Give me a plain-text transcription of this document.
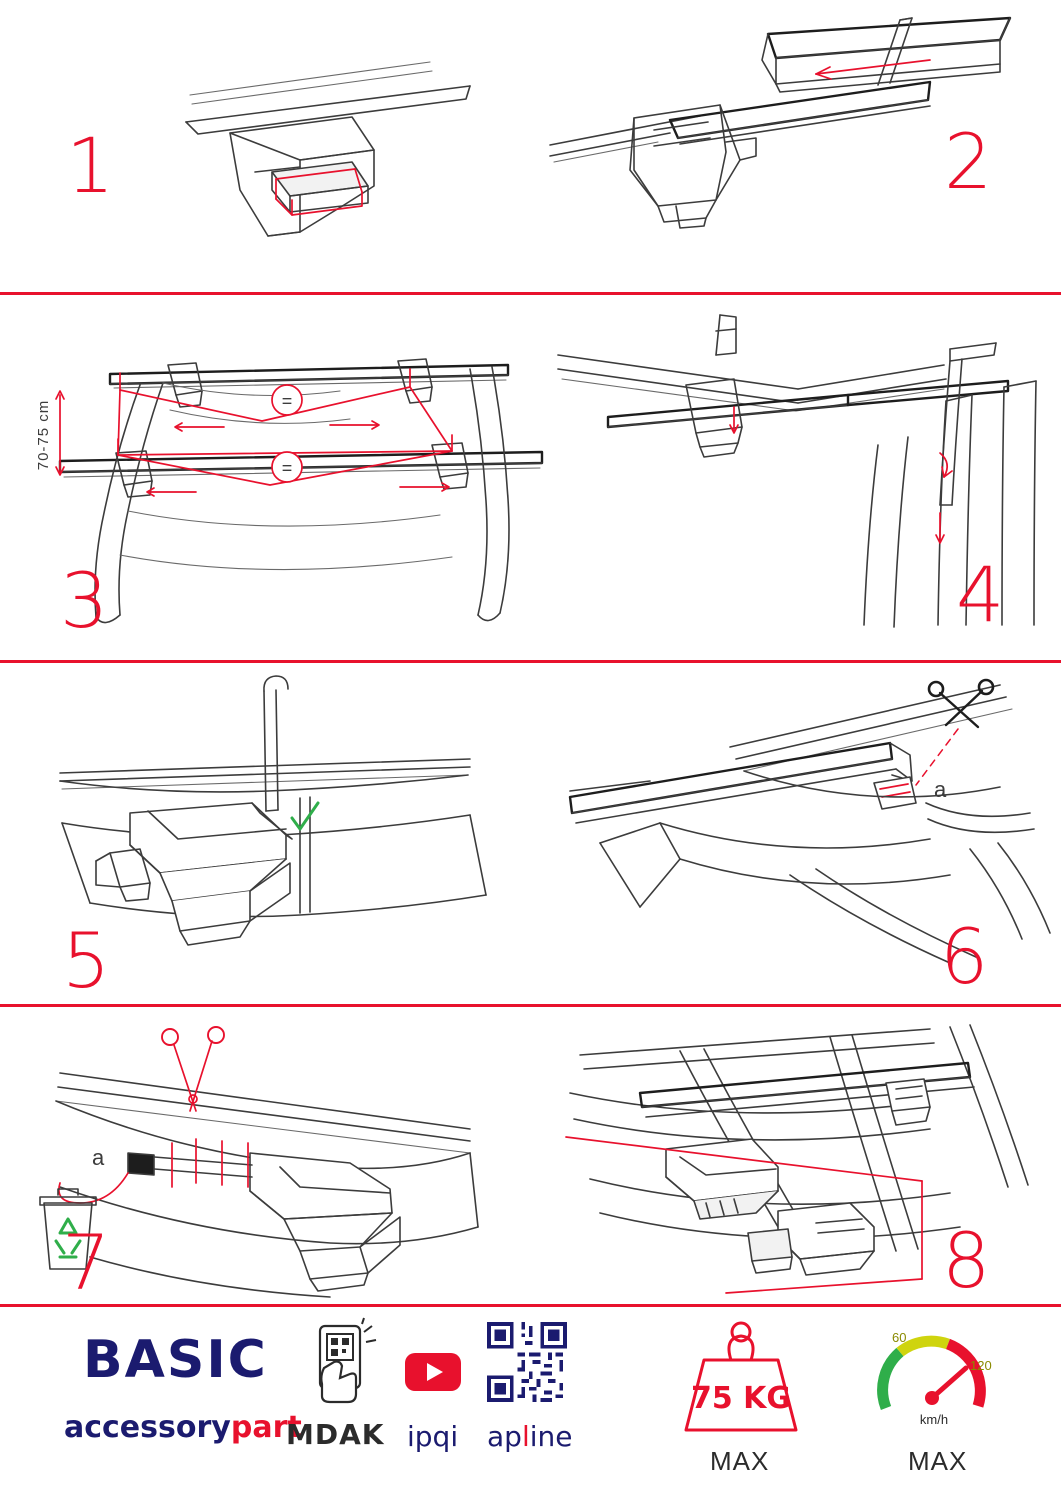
1	2
=
=
70-75 cm
3	4
5
a
6
a
7	8
BASIC
accessorypart
MDAK ipqi apline
75 KG
MAX
60
120
km/h
MAX
